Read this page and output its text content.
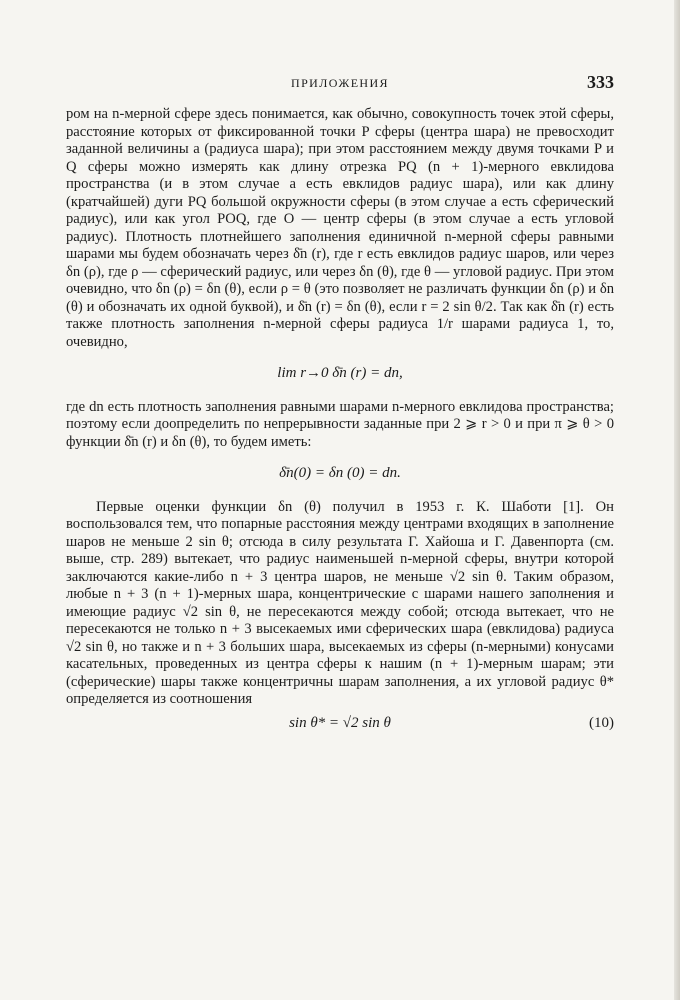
ПРИЛОЖЕНИЯ	333

ром на n-мерной сфере здесь понимается, как обычно, совокупность точек этой сферы, расстояние которых от фиксированной точки P сферы (центра шара) не превосходит заданной величины a (радиуса шара); при этом расстоянием между двумя точками P и Q сферы можно измерять как длину отрезка PQ (n + 1)-мерного евклидова пространства (и в этом случае a есть евклидов радиус шара), или как длину (кратчайшей) дуги PQ большой окружности сферы (в этом случае a есть сферический радиус), или как угол POQ, где O — центр сферы (в этом случае a есть угловой радиус). Плотность плотнейшего заполнения единичной n-мерной сферы равными шарами мы будем обозначать через δ̄n (r), где r есть евклидов радиус шаров, или через δn (ρ), где ρ — сферический радиус, или через δn (θ), где θ — угловой радиус. При этом очевидно, что δn (ρ) = δn (θ), если ρ = θ (это позволяет не различать функции δn (ρ) и δn (θ) и обозначать их одной буквой), и δ̄n (r) = δn (θ), если r = 2 sin θ/2. Так как δ̄n (r) есть также плотность заполнения n-мерной сферы радиуса 1/r шарами радиуса 1, то, очевидно,

lim r→0 δ̄n (r) = dn,

где dn есть плотность заполнения равными шарами n-мерного евклидова пространства; поэтому если доопределить по непрерывности заданные при 2 ⩾ r > 0 и при π ⩾ θ > 0 функции δ̄n (r) и δn (θ), то будем иметь:

δ̄n(0) = δn (0) = dn.

Первые оценки функции δn (θ) получил в 1953 г. К. Шаботи [1]. Он воспользовался тем, что попарные расстояния между центрами входящих в заполнение шаров не меньше 2 sin θ; отсюда в силу результата Г. Хайоша и Г. Давенпорта (см. выше, стр. 289) вытекает, что радиус наименьшей n-мерной сферы, внутри которой заключаются какие-либо n + 3 центра шаров, не меньше √2 sin θ. Таким образом, любые n + 3 (n + 1)-мерных шара, концентрические с шарами нашего заполнения и имеющие радиус √2 sin θ, не пересекаются между собой; отсюда вытекает, что не пересекаются не только n + 3 высекаемых ими сферических шара (евклидова) радиуса √2 sin θ, но также и n + 3 больших шара, высекаемых из сферы (n-мерными) конусами касательных, проведенных из центра сферы к нашим (n + 1)-мерным шарам; эти (сферические) шары также концентричны шарам заполнения, а их угловой радиус θ* определяется из соотношения

sin θ* = √2 sin θ	(10)
